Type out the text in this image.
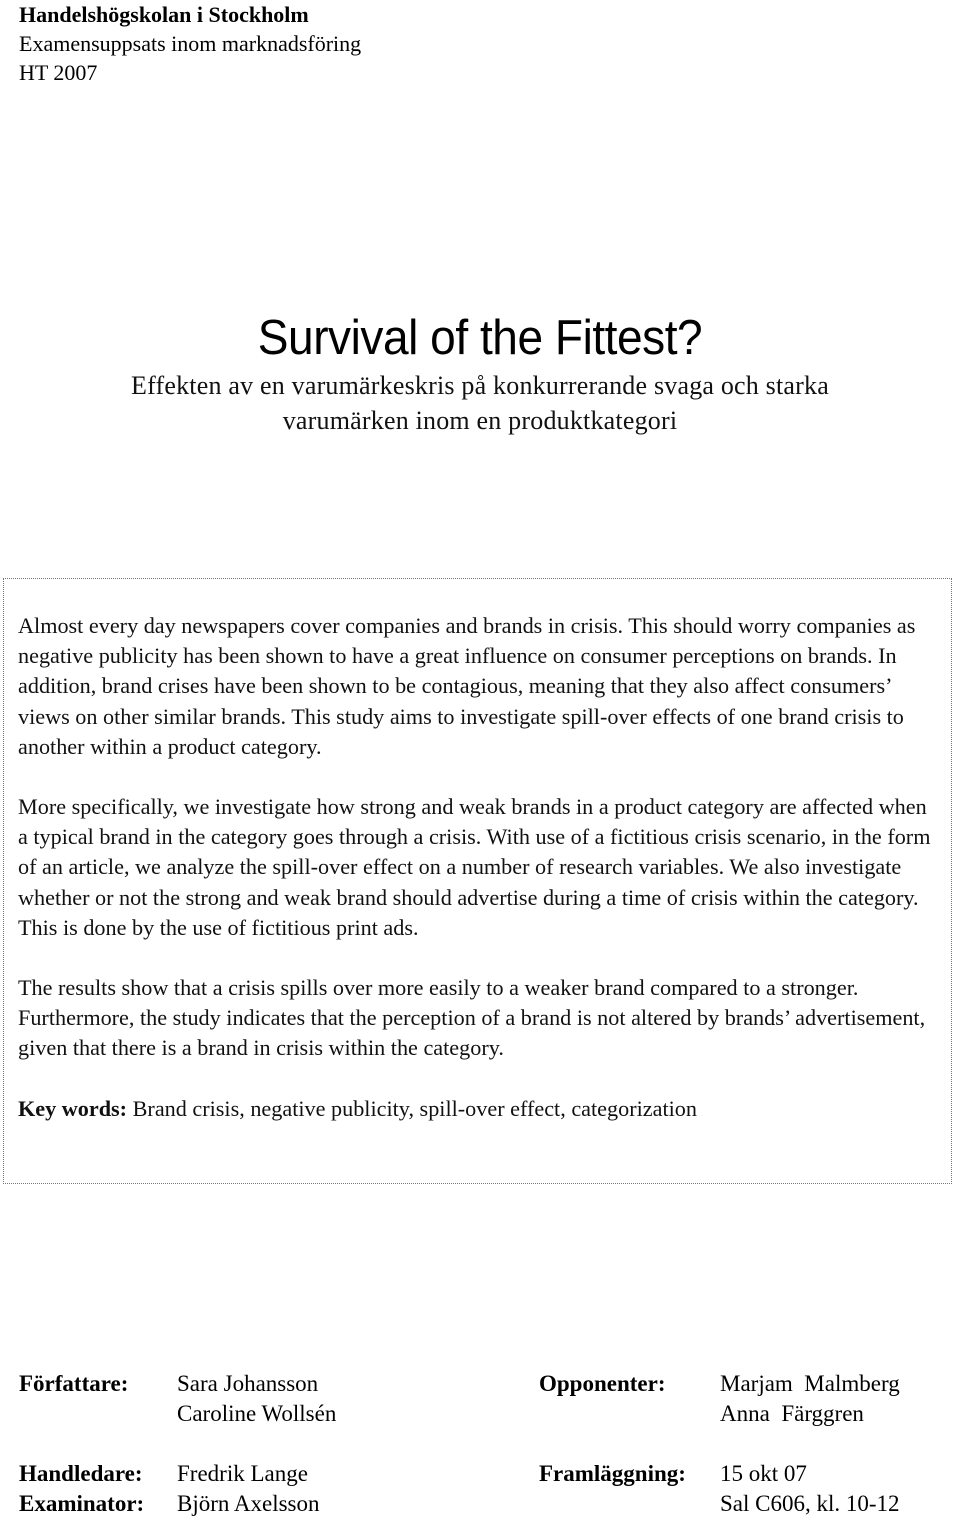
Handelshögskolan i Stockholm
Examensuppsats inom marknadsföring
HT 2007
Survival of the Fittest?
Effekten av en varumärkeskris på konkurrerande svaga och starka
varumärken inom en produktkategori

Almost every day newspapers cover companies and brands in crisis. This should worry companies as negative publicity has been shown to have a great influence on consumer perceptions on brands. In addition, brand crises have been shown to be contagious, meaning that they also affect consumers’ views on other similar brands. This study aims to investigate spill-over effects of one brand crisis to another within a product category.

More specifically, we investigate how strong and weak brands in a product category are affected when a typical brand in the category goes through a crisis. With use of a fictitious crisis scenario, in the form of an article, we analyze the spill-over effect on a number of research variables. We also investigate whether or not the strong and weak brand should advertise during a time of crisis within the category. This is done by the use of fictitious print ads.

The results show that a crisis spills over more easily to a weaker brand compared to a stronger. Furthermore, the study indicates that the perception of a brand is not altered by brands’ advertisement, given that there is a brand in crisis within the category.

Key words: Brand crisis, negative publicity, spill-over effect, categorization

Författare: Sara Johansson
Caroline Wollsén
Opponenter: Marjam  Malmberg
Anna  Färggren
Handledare: Fredrik Lange
Examinator: Björn Axelsson
Framläggning: 15 okt 07
Sal C606, kl. 10-12
